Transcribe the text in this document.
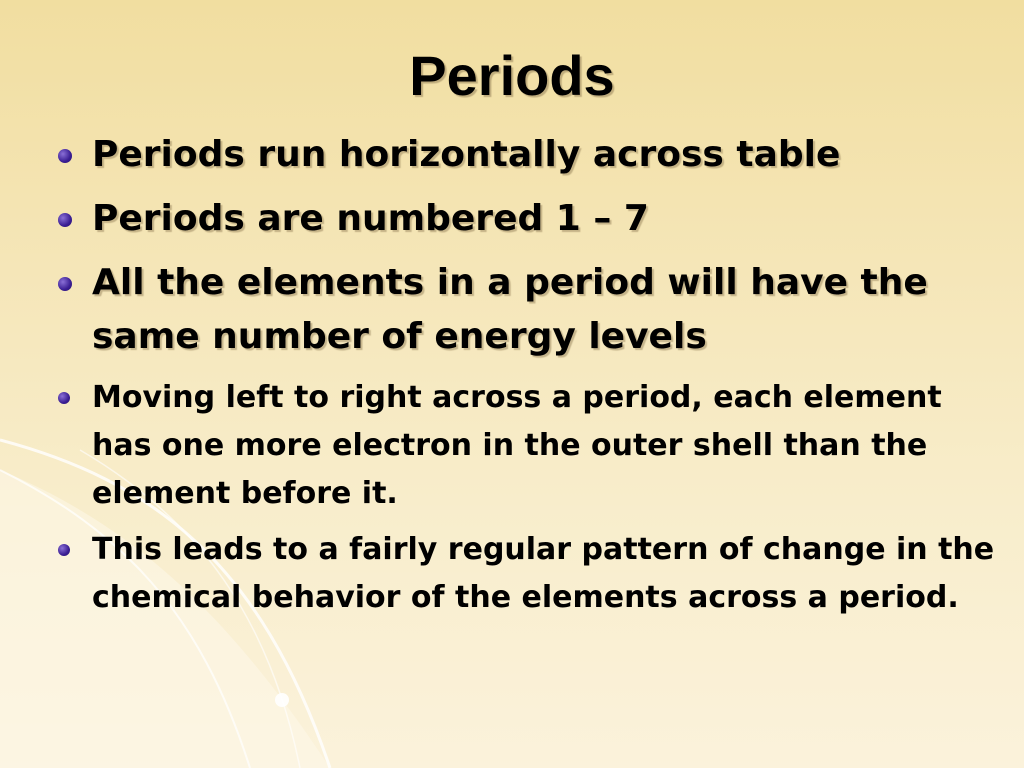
Periods
Periods run horizontally across table
Periods are numbered 1 – 7
All the elements in a period will have the same number of energy levels
Moving left to right across a period, each element has one more electron in the outer shell than the element before it.
This leads to a fairly regular pattern of change in the chemical behavior of the elements across a period.
